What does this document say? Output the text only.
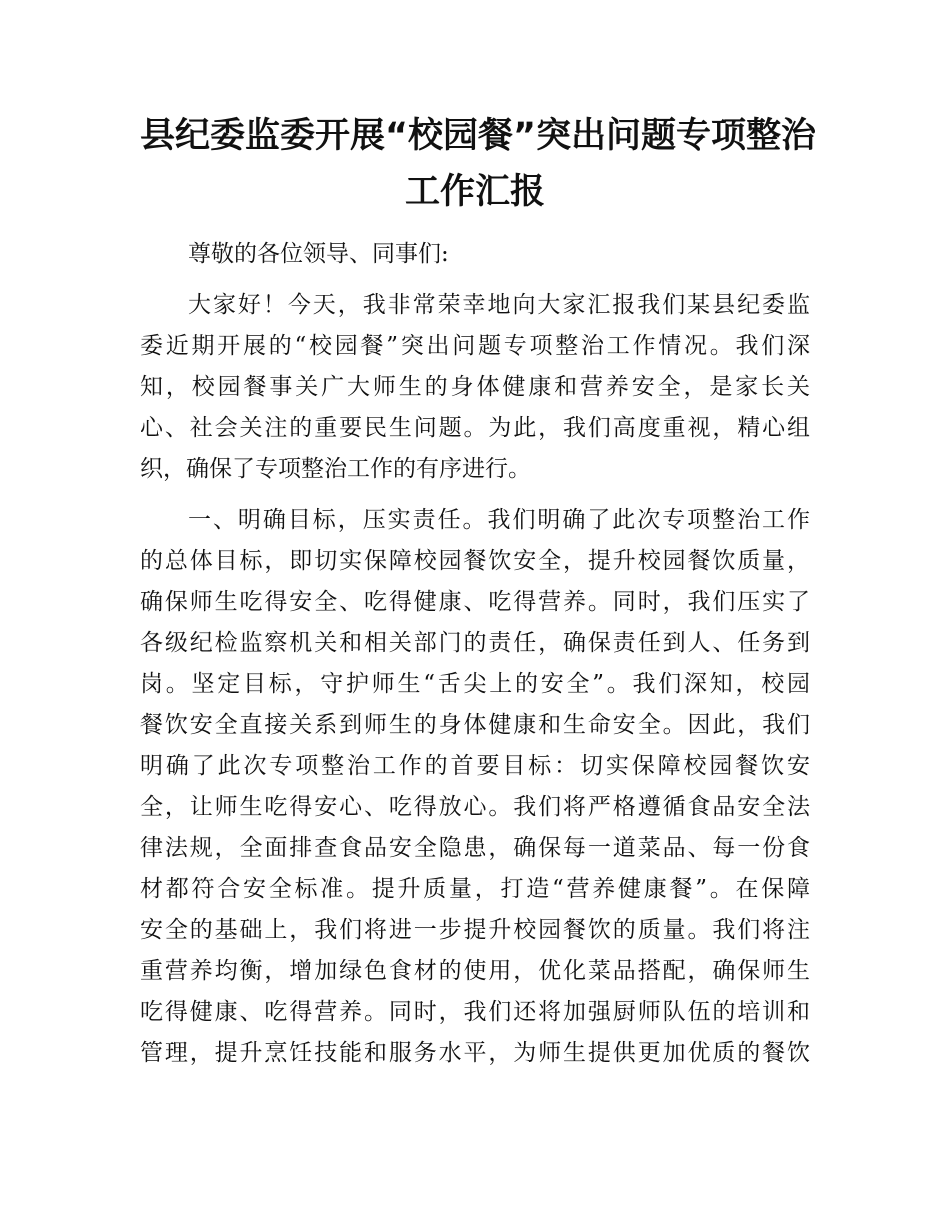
县纪委监委开展“校园餐”突出问题专项整治
工作汇报
尊敬的各位领导、同事们:
大家好！今天，我非常荣幸地向大家汇报我们某县纪委监
委近期开展的“校园餐”突出问题专项整治工作情况。我们深
知，校园餐事关广大师生的身体健康和营养安全，是家长关
心、社会关注的重要民生问题。为此，我们高度重视，精心组
织，确保了专项整治工作的有序进行。
一、明确目标，压实责任。我们明确了此次专项整治工作
的总体目标，即切实保障校园餐饮安全，提升校园餐饮质量，
确保师生吃得安全、吃得健康、吃得营养。同时，我们压实了
各级纪检监察机关和相关部门的责任，确保责任到人、任务到
岗。坚定目标，守护师生“舌尖上的安全”。我们深知，校园
餐饮安全直接关系到师生的身体健康和生命安全。因此，我们
明确了此次专项整治工作的首要目标：切实保障校园餐饮安
全，让师生吃得安心、吃得放心。我们将严格遵循食品安全法
律法规，全面排查食品安全隐患，确保每一道菜品、每一份食
材都符合安全标准。提升质量，打造“营养健康餐”。在保障
安全的基础上，我们将进一步提升校园餐饮的质量。我们将注
重营养均衡，增加绿色食材的使用，优化菜品搭配，确保师生
吃得健康、吃得营养。同时，我们还将加强厨师队伍的培训和
管理，提升烹饪技能和服务水平，为师生提供更加优质的餐饮
